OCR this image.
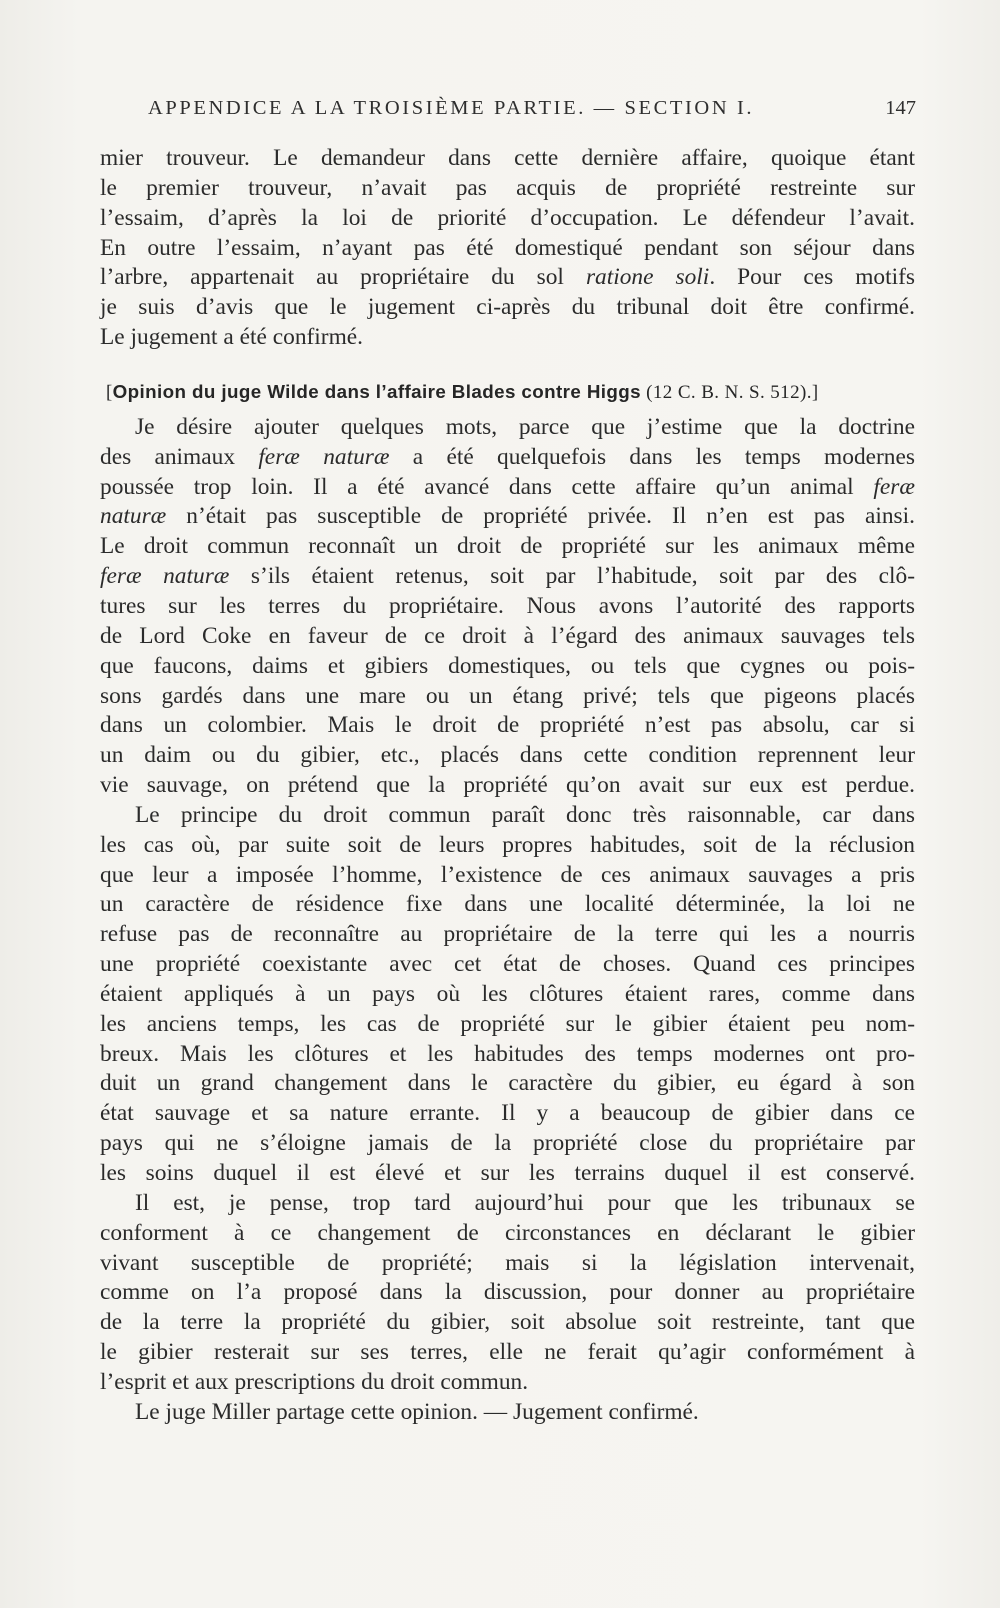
APPENDICE A LA TROISIÈME PARTIE. — SECTION I.	147
mier trouveur. Le demandeur dans cette dernière affaire, quoique étant
le premier trouveur, n’avait pas acquis de propriété restreinte sur
l’essaim, d’après la loi de priorité d’occupation. Le défendeur l’avait.
En outre l’essaim, n’ayant pas été domestiqué pendant son séjour dans
l’arbre, appartenait au propriétaire du sol ratione soli. Pour ces motifs
je suis d’avis que le jugement ci-après du tribunal doit être confirmé.
Le jugement a été confirmé.
[Opinion du juge Wilde dans l’affaire Blades contre Higgs (12 C. B. N. S. 512).]
Je désire ajouter quelques mots, parce que j’estime que la doctrine
des animaux feræ naturæ a été quelquefois dans les temps modernes
poussée trop loin. Il a été avancé dans cette affaire qu’un animal feræ
naturæ n’était pas susceptible de propriété privée. Il n’en est pas ainsi.
Le droit commun reconnaît un droit de propriété sur les animaux même
feræ naturæ s’ils étaient retenus, soit par l’habitude, soit par des clô-
tures sur les terres du propriétaire. Nous avons l’autorité des rapports
de Lord Coke en faveur de ce droit à l’égard des animaux sauvages tels
que faucons, daims et gibiers domestiques, ou tels que cygnes ou pois-
sons gardés dans une mare ou un étang privé; tels que pigeons placés
dans un colombier. Mais le droit de propriété n’est pas absolu, car si
un daim ou du gibier, etc., placés dans cette condition reprennent leur
vie sauvage, on prétend que la propriété qu’on avait sur eux est perdue.
Le principe du droit commun paraît donc très raisonnable, car dans
les cas où, par suite soit de leurs propres habitudes, soit de la réclusion
que leur a imposée l’homme, l’existence de ces animaux sauvages a pris
un caractère de résidence fixe dans une localité déterminée, la loi ne
refuse pas de reconnaître au propriétaire de la terre qui les a nourris
une propriété coexistante avec cet état de choses. Quand ces principes
étaient appliqués à un pays où les clôtures étaient rares, comme dans
les anciens temps, les cas de propriété sur le gibier étaient peu nom-
breux. Mais les clôtures et les habitudes des temps modernes ont pro-
duit un grand changement dans le caractère du gibier, eu égard à son
état sauvage et sa nature errante. Il y a beaucoup de gibier dans ce
pays qui ne s’éloigne jamais de la propriété close du propriétaire par
les soins duquel il est élevé et sur les terrains duquel il est conservé.
Il est, je pense, trop tard aujourd’hui pour que les tribunaux se
conforment à ce changement de circonstances en déclarant le gibier
vivant susceptible de propriété; mais si la législation intervenait,
comme on l’a proposé dans la discussion, pour donner au propriétaire
de la terre la propriété du gibier, soit absolue soit restreinte, tant que
le gibier resterait sur ses terres, elle ne ferait qu’agir conformément à
l’esprit et aux prescriptions du droit commun.
Le juge Miller partage cette opinion. — Jugement confirmé.
